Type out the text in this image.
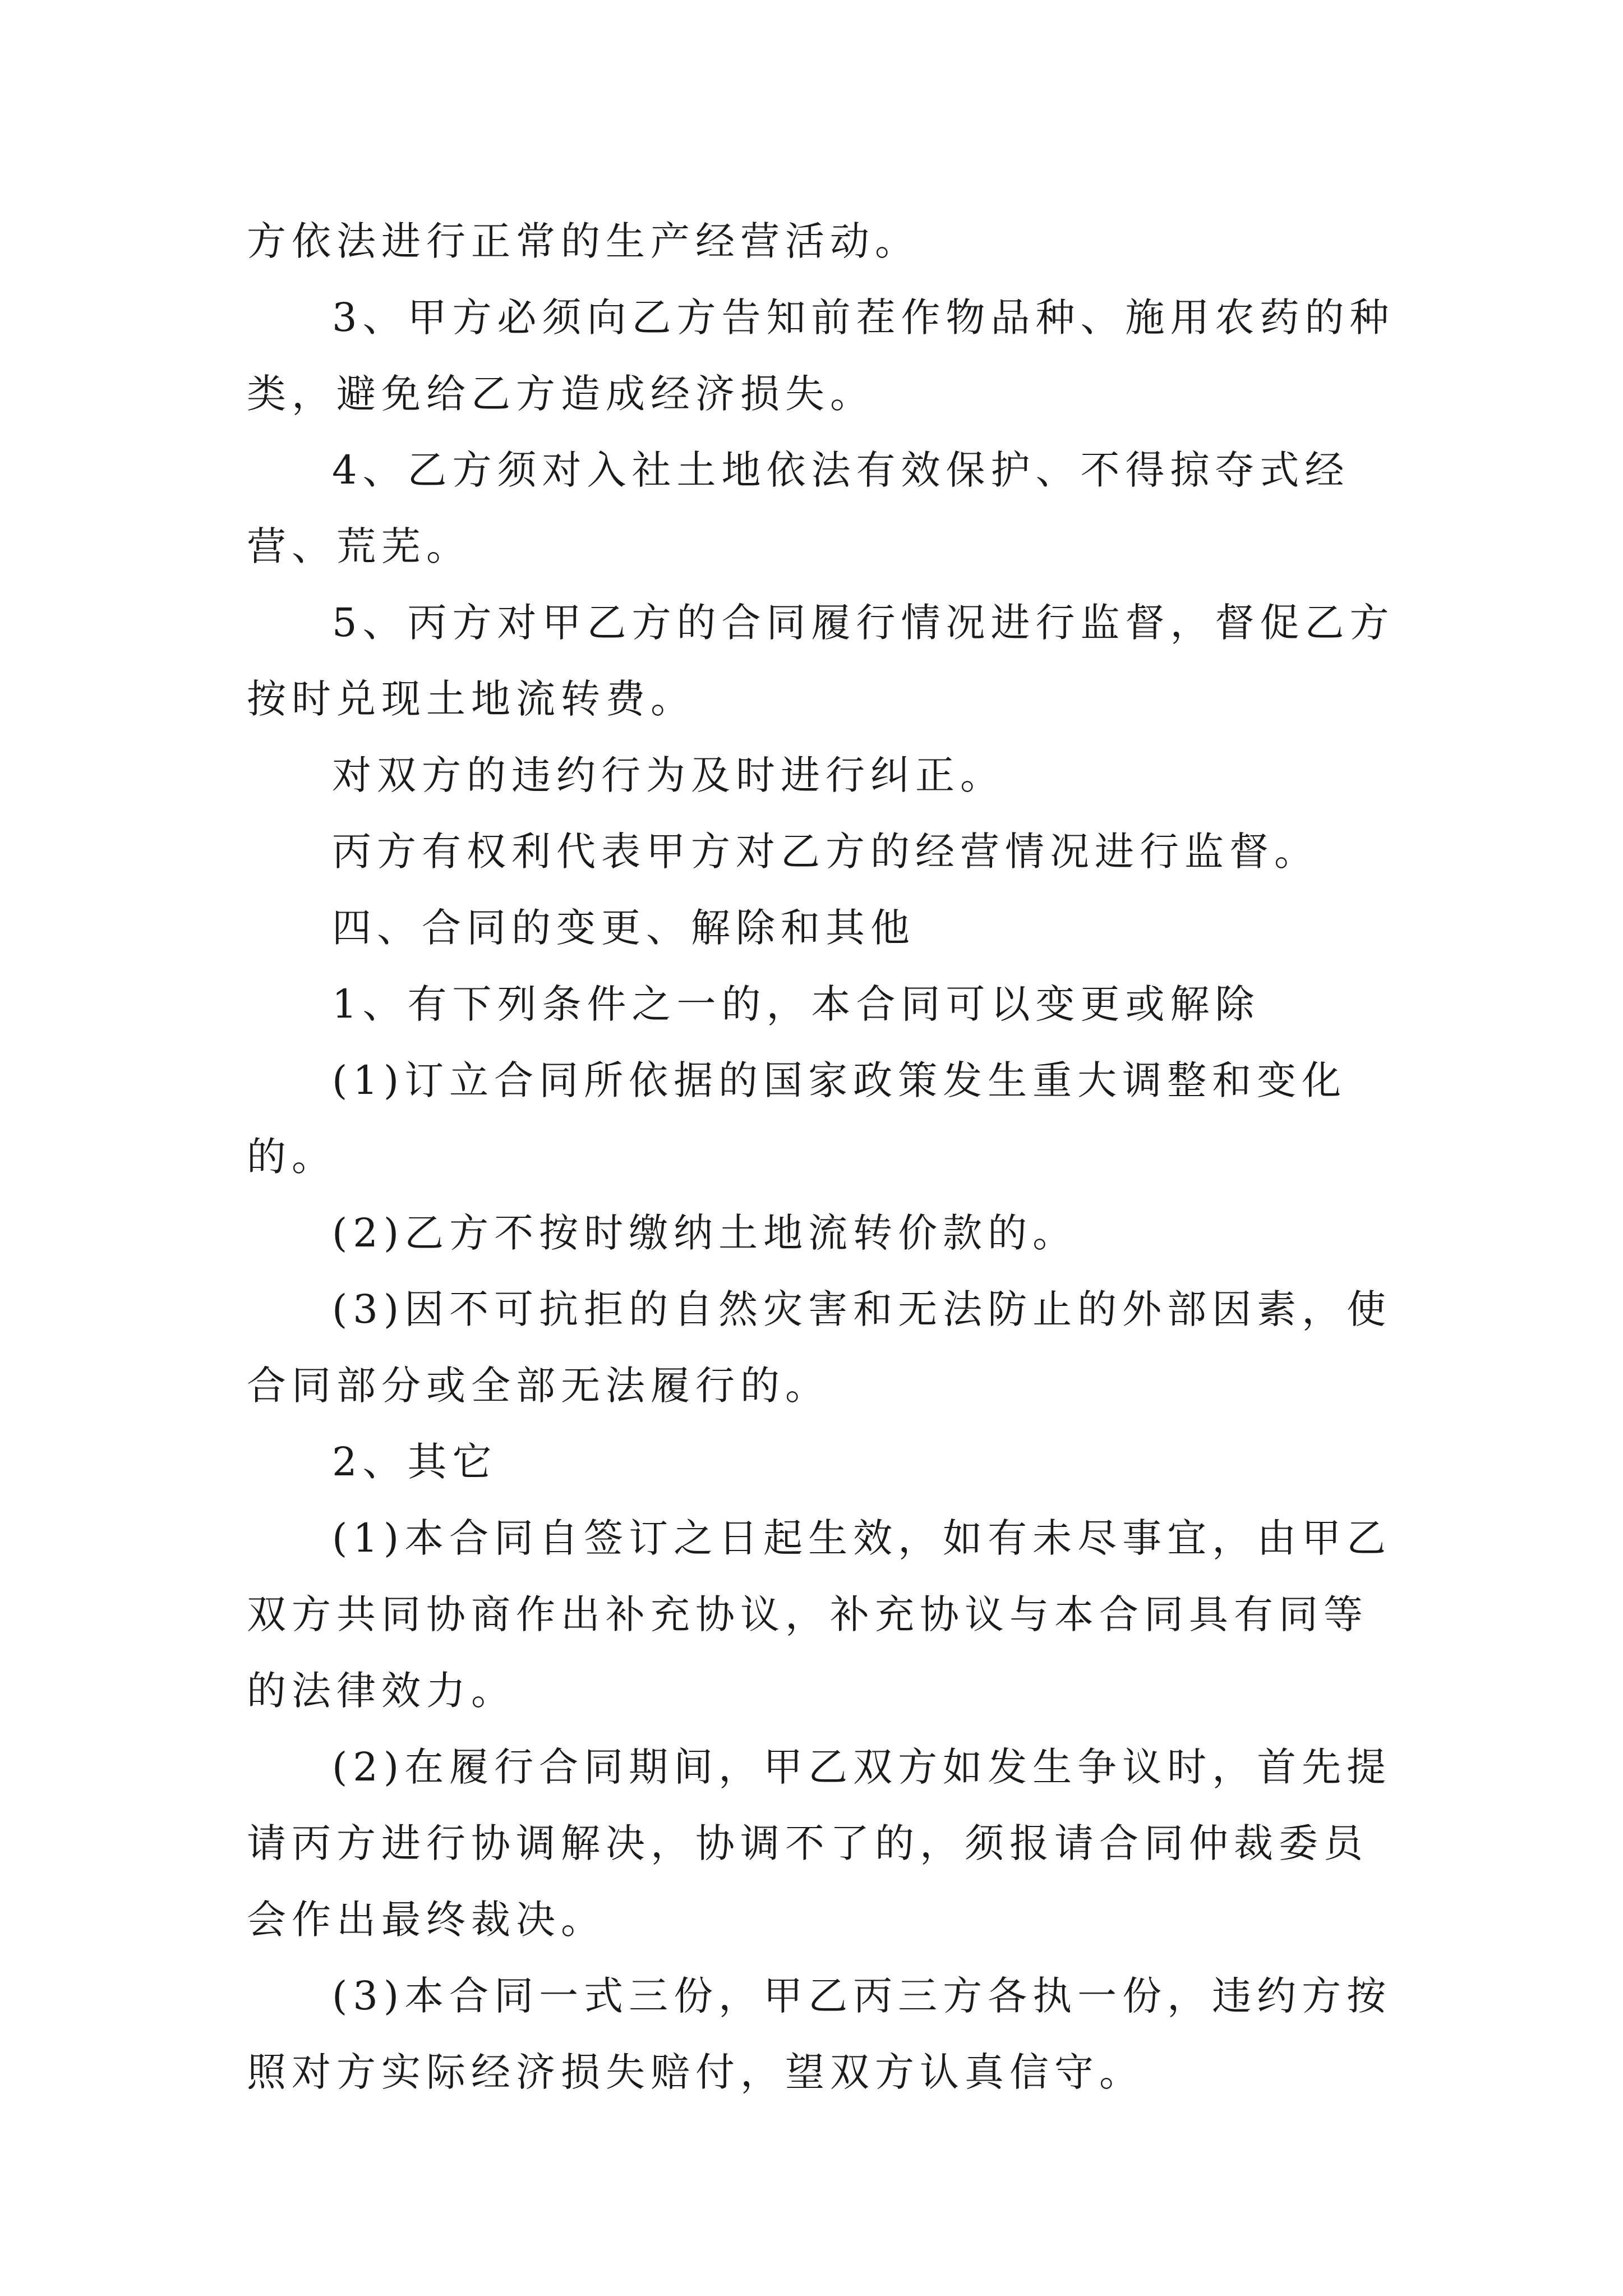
方依法进行正常的生产经营活动。

3、甲方必须向乙方告知前茬作物品种、施用农药的种类，避免给乙方造成经济损失。

4、乙方须对入社土地依法有效保护、不得掠夺式经营、荒芜。

5、丙方对甲乙方的合同履行情况进行监督，督促乙方按时兑现土地流转费。

对双方的违约行为及时进行纠正。

丙方有权利代表甲方对乙方的经营情况进行监督。

四、合同的变更、解除和其他

1、有下列条件之一的，本合同可以变更或解除

(1)订立合同所依据的国家政策发生重大调整和变化的。

(2)乙方不按时缴纳土地流转价款的。

(3)因不可抗拒的自然灾害和无法防止的外部因素，使合同部分或全部无法履行的。

2、其它

(1)本合同自签订之日起生效，如有未尽事宜，由甲乙双方共同协商作出补充协议，补充协议与本合同具有同等的法律效力。

(2)在履行合同期间，甲乙双方如发生争议时，首先提请丙方进行协调解决，协调不了的，须报请合同仲裁委员会作出最终裁决。

(3)本合同一式三份，甲乙丙三方各执一份，违约方按照对方实际经济损失赔付，望双方认真信守。
